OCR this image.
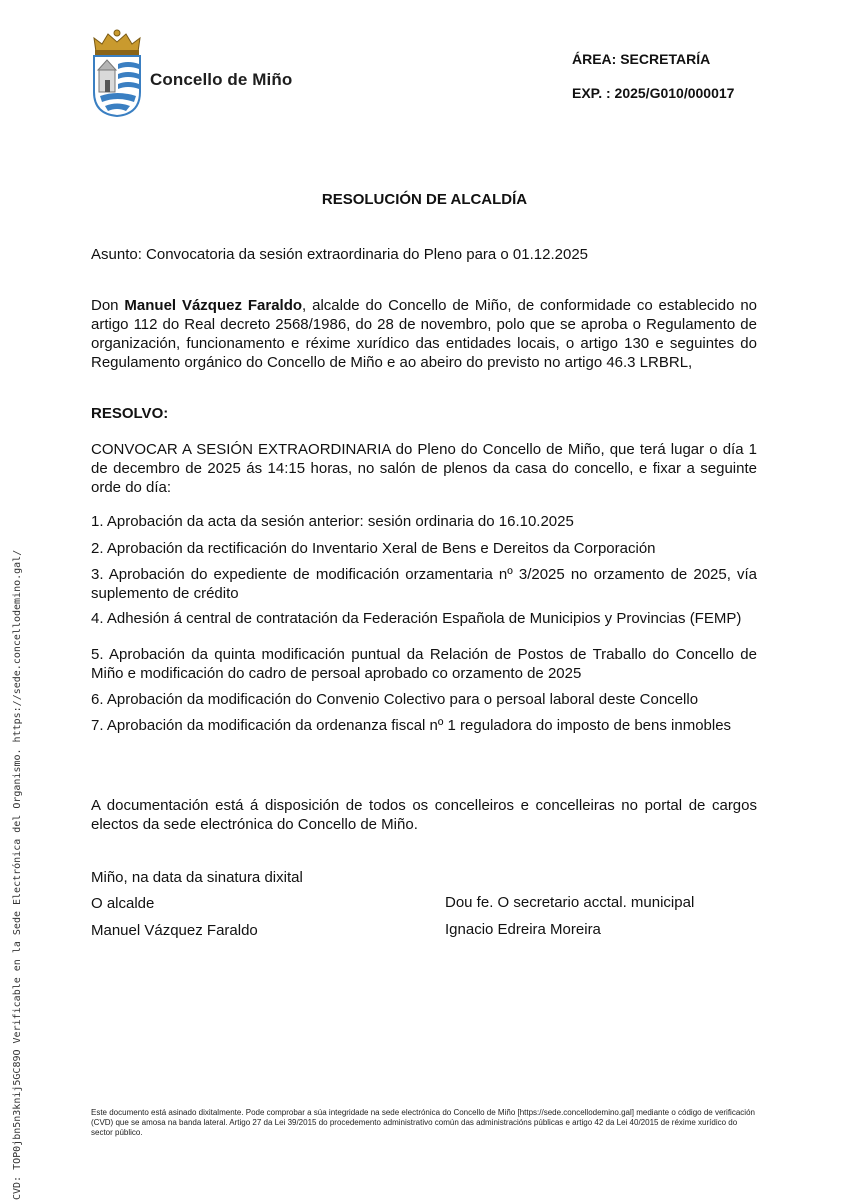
Concello de Miño
ÁREA: SECRETARÍA
EXP. : 2025/G010/000017
RESOLUCIÓN DE ALCALDÍA
Asunto: Convocatoria da sesión extraordinaria do Pleno para o 01.12.2025
Don Manuel Vázquez Faraldo, alcalde do Concello de Miño, de conformidade co establecido no artigo 112 do Real decreto 2568/1986, do 28 de novembro, polo que se aproba o Regulamento de organización, funcionamento e réxime xurídico das entidades locais, o artigo 130 e seguintes do Regulamento orgánico do Concello de Miño e ao abeiro do previsto no artigo 46.3 LRBRL,
RESOLVO:
CONVOCAR A SESIÓN EXTRAORDINARIA do Pleno do Concello de Miño, que terá lugar o día 1 de decembro de 2025 ás 14:15 horas, no salón de plenos da casa do concello, e fixar a seguinte orde do día:
1. Aprobación da acta da sesión anterior: sesión ordinaria do 16.10.2025
2. Aprobación da rectificación do Inventario Xeral de Bens e Dereitos da Corporación
3. Aprobación do expediente de modificación orzamentaria nº 3/2025 no orzamento de 2025, vía suplemento de crédito
4. Adhesión á central de contratación da Federación Española de Municipios y Provincias (FEMP)
5. Aprobación da quinta modificación puntual da Relación de Postos de Traballo do Concello de Miño e modificación do cadro de persoal aprobado co orzamento de 2025
6. Aprobación da modificación do Convenio Colectivo para o persoal laboral deste Concello
7. Aprobación da modificación da ordenanza fiscal nº 1 reguladora do imposto de bens inmobles
A documentación está á disposición de todos os concelleiros e concelleiras no portal de cargos electos da sede electrónica do Concello de Miño.
Miño, na data da sinatura dixital
O alcalde	Dou fe. O secretario acctal. municipal
Manuel Vázquez Faraldo	Ignacio Edreira Moreira
CVD: TOP0jbn5n3knij5GC89O Verificable en la Sede Electrónica del Organismo. https://sede.concellodemino.gal/	Este documento está asinado dixitalmente. Pode comprobar a súa integridade na sede electrónica do Concello de Miño [https://sede.concellodemino.gal] mediante o código de verificación (CVD) que se amosa na banda lateral. Artigo 27 da Lei 39/2015 do procedemento administrativo común das administracións públicas e artigo 42 da Lei 40/2015 de réxime xurídico do sector público.
